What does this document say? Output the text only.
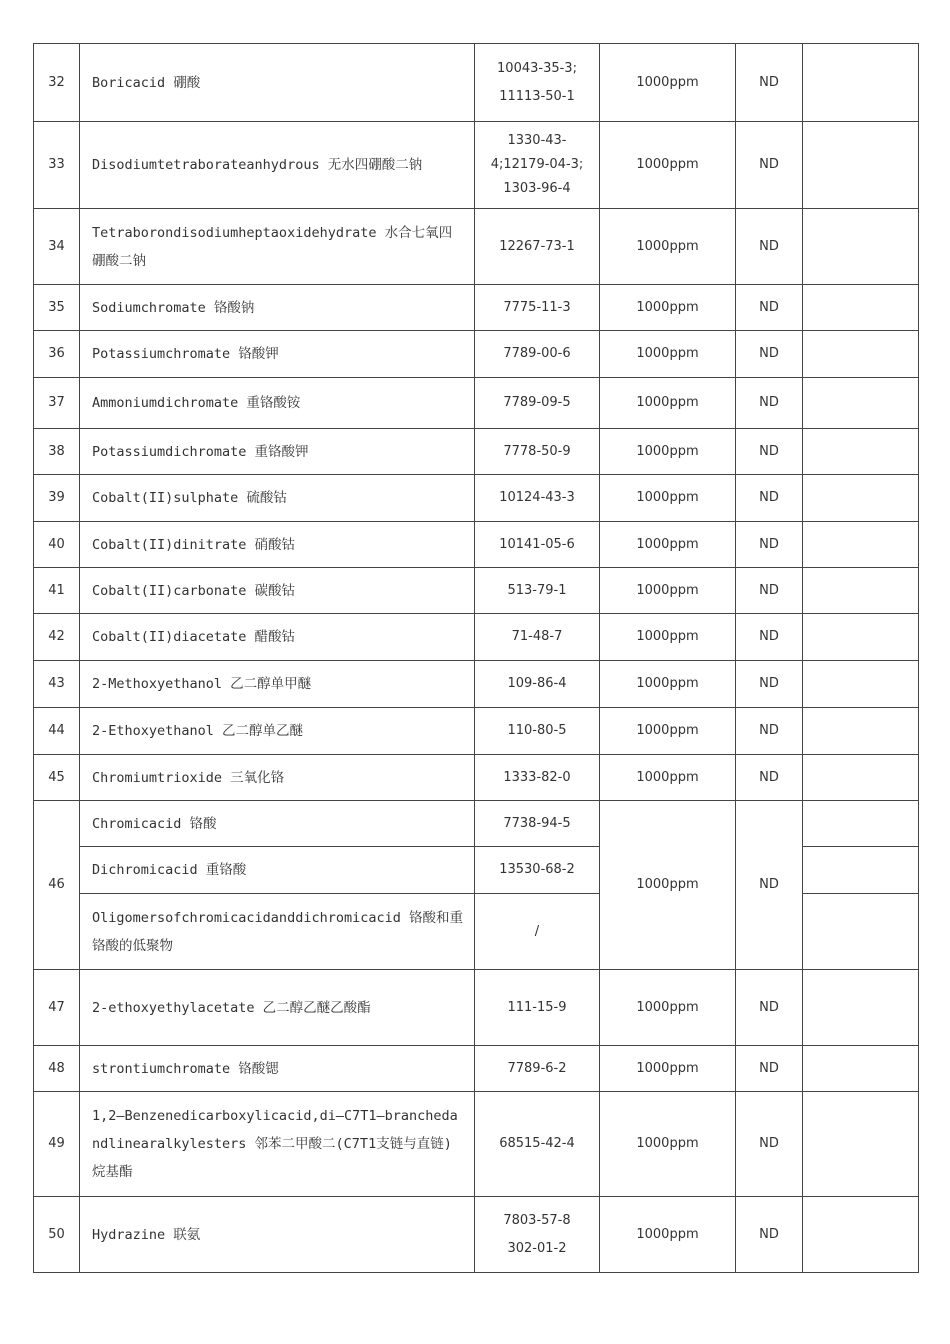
32	Boricacid 硼酸	10043-35-3;
11113-50-1	1000ppm	ND	
33	Disodiumtetraborateanhydrous 无水四硼酸二钠	1330-43-
4;12179-04-3;
1303-96-4	1000ppm	ND	
34	Tetraborondisodiumheptaoxidehydrate 水合七氧四硼酸二钠	12267-73-1	1000ppm	ND	
35	Sodiumchromate 铬酸钠	7775-11-3	1000ppm	ND	
36	Potassiumchromate 铬酸钾	7789-00-6	1000ppm	ND	
37	Ammoniumdichromate 重铬酸铵	7789-09-5	1000ppm	ND	
38	Potassiumdichromate 重铬酸钾	7778-50-9	1000ppm	ND	
39	Cobalt(II)sulphate 硫酸钴	10124-43-3	1000ppm	ND	
40	Cobalt(II)dinitrate 硝酸钴	10141-05-6	1000ppm	ND	
41	Cobalt(II)carbonate 碳酸钴	513-79-1	1000ppm	ND	
42	Cobalt(II)diacetate 醋酸钴	71-48-7	1000ppm	ND	
43	2-Methoxyethanol 乙二醇单甲醚	109-86-4	1000ppm	ND	
44	2-Ethoxyethanol 乙二醇单乙醚	110-80-5	1000ppm	ND	
45	Chromiumtrioxide 三氧化铬	1333-82-0	1000ppm	ND	
46	Chromicacid 铬酸	7738-94-5	1000ppm	ND	
	Dichromicacid 重铬酸	13530-68-2			
	Oligomersofchromicacidanddichromicacid 铬酸和重铬酸的低聚物	/			
47	2-ethoxyethylacetate 乙二醇乙醚乙酸酯	111-15-9	1000ppm	ND	
48	strontiumchromate 铬酸锶	7789-6-2	1000ppm	ND	
49	1,2—Benzenedicarboxylicacid,di—C7T1—branchedandlinearalkylesters 邻苯二甲酸二(C7T1支链与直链)烷基酯	68515-42-4	1000ppm	ND	
50	Hydrazine 联氨	7803-57-8
302-01-2	1000ppm	ND	
